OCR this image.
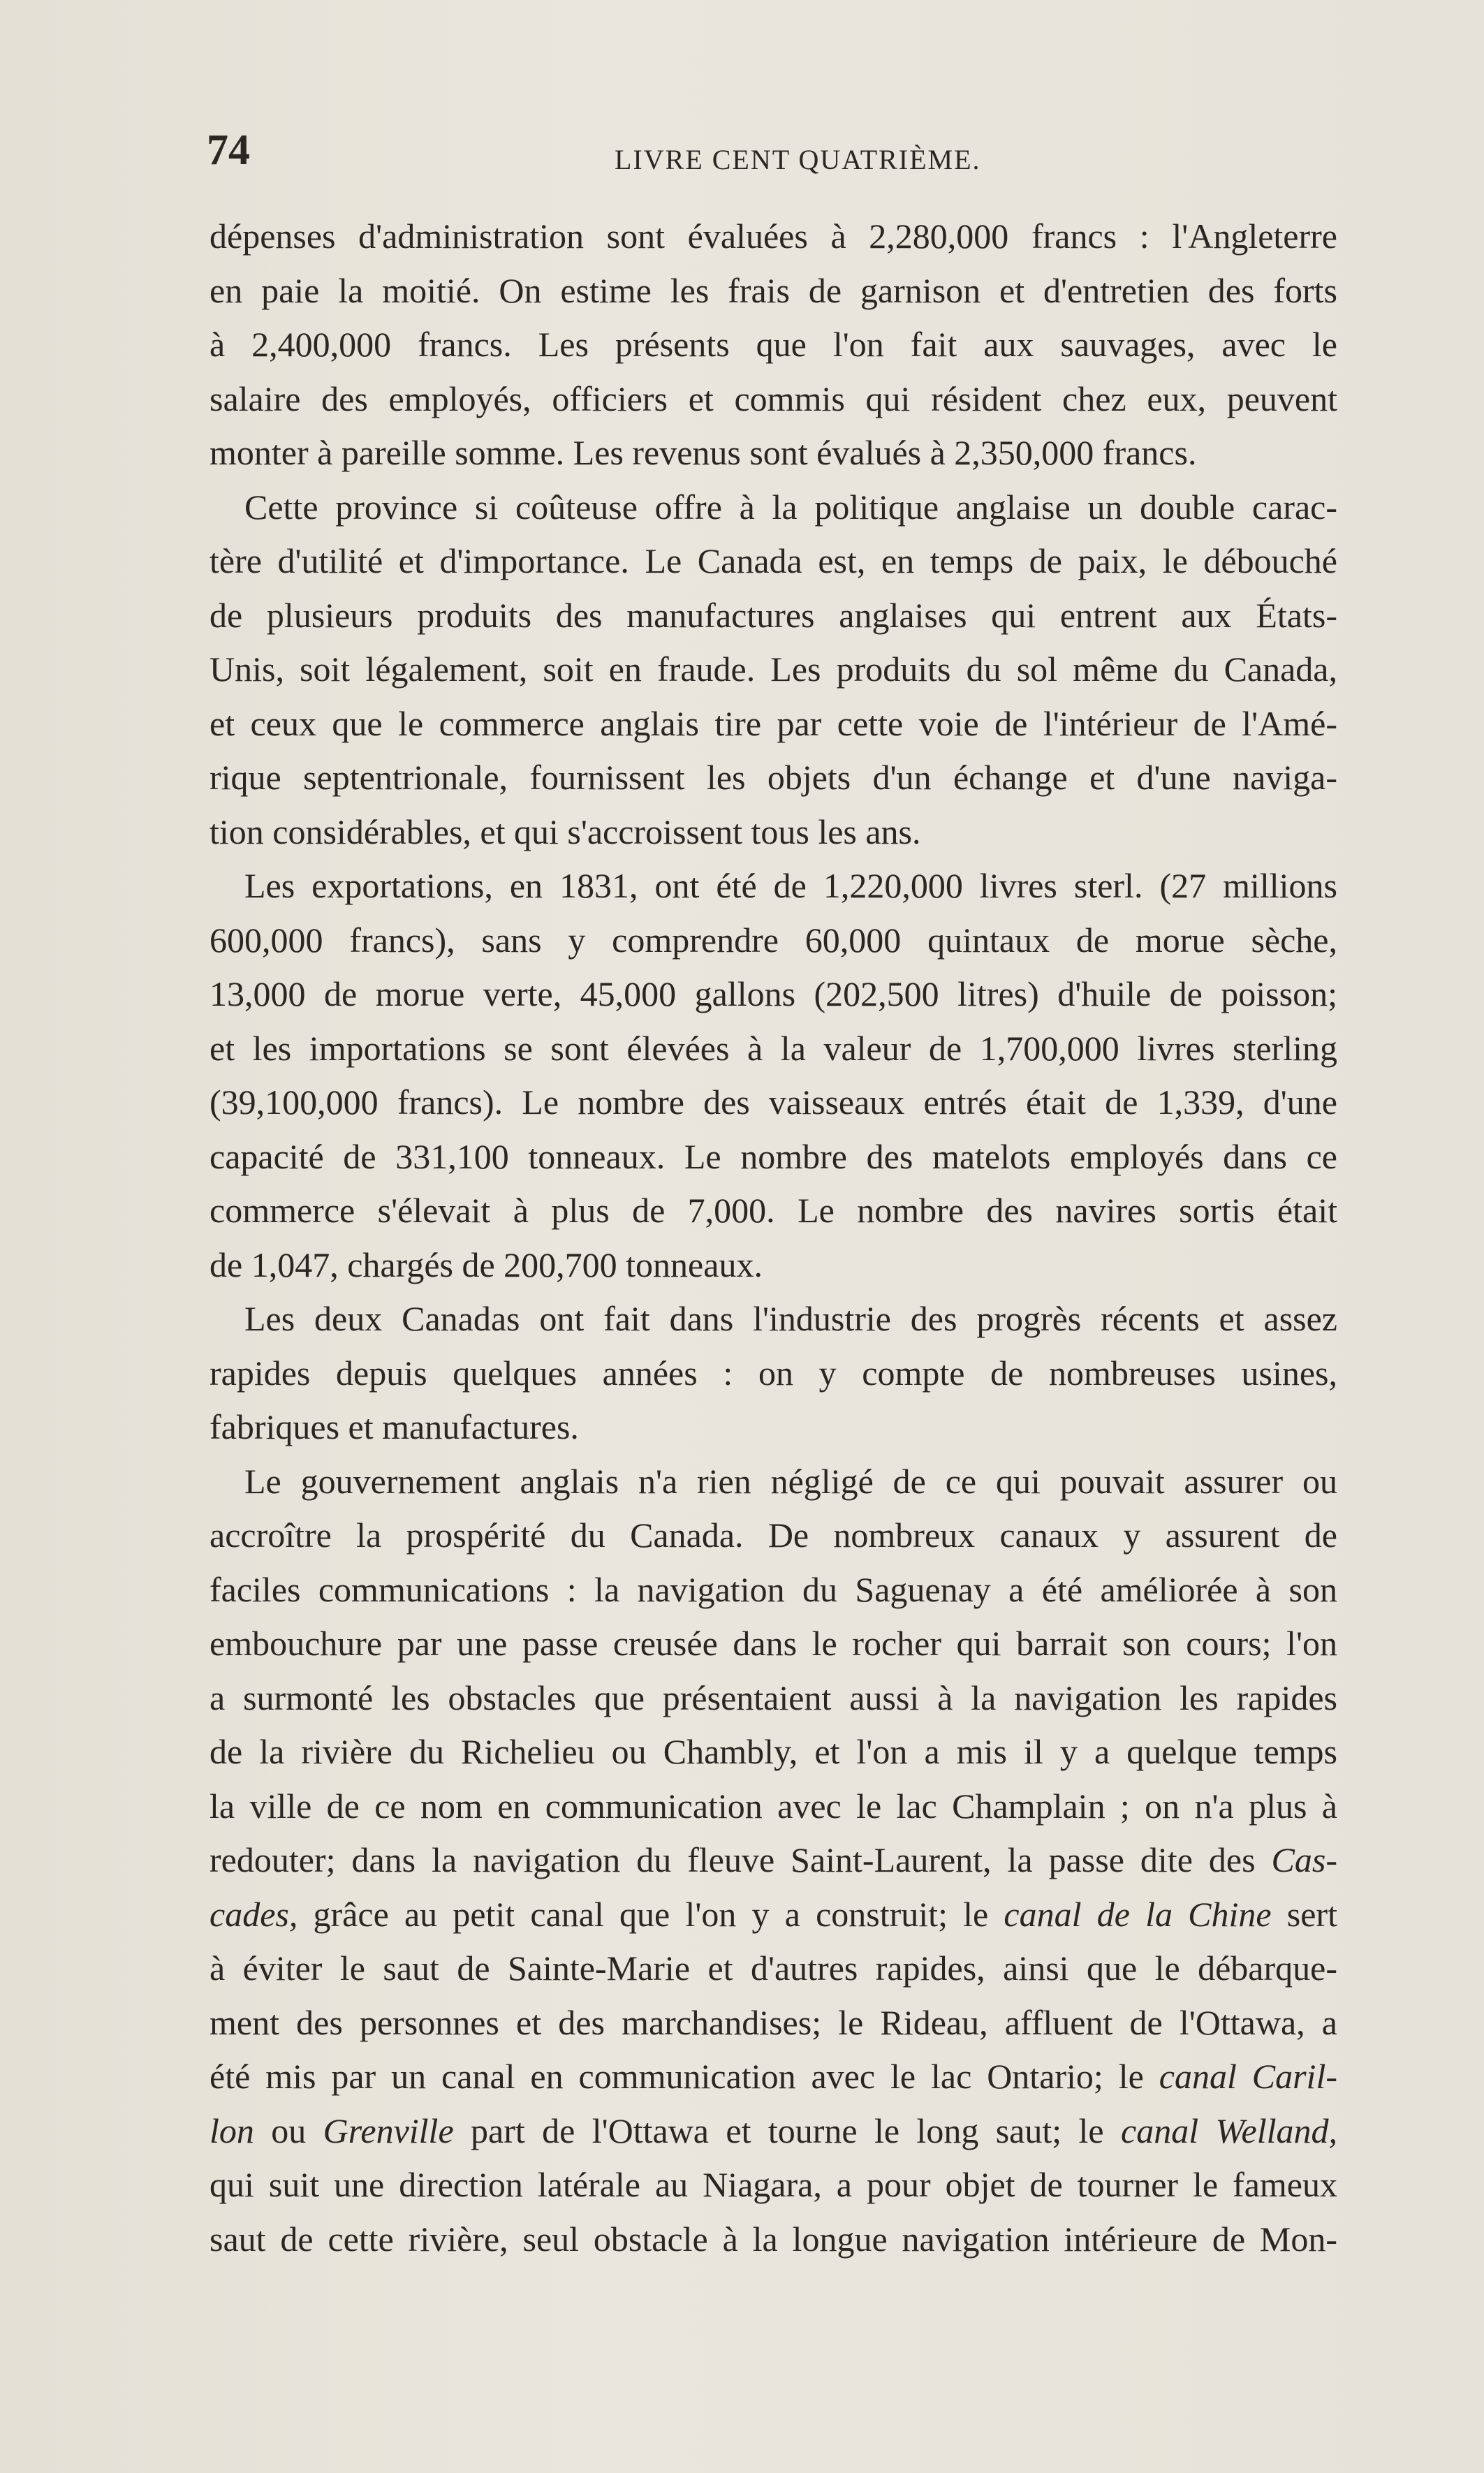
74	LIVRE CENT QUATRIÈME.
dépenses d'administration sont évaluées à 2,280,000 francs : l'Angleterre
en paie la moitié. On estime les frais de garnison et d'entretien des forts
à 2,400,000 francs. Les présents que l'on fait aux sauvages, avec le
salaire des employés, officiers et commis qui résident chez eux, peuvent
monter à pareille somme. Les revenus sont évalués à 2,350,000 francs.
Cette province si coûteuse offre à la politique anglaise un double carac-
tère d'utilité et d'importance. Le Canada est, en temps de paix, le débouché
de plusieurs produits des manufactures anglaises qui entrent aux États-
Unis, soit légalement, soit en fraude. Les produits du sol même du Canada,
et ceux que le commerce anglais tire par cette voie de l'intérieur de l'Amé-
rique septentrionale, fournissent les objets d'un échange et d'une naviga-
tion considérables, et qui s'accroissent tous les ans.
Les exportations, en 1831, ont été de 1,220,000 livres sterl. (27 millions
600,000 francs), sans y comprendre 60,000 quintaux de morue sèche,
13,000 de morue verte, 45,000 gallons (202,500 litres) d'huile de poisson;
et les importations se sont élevées à la valeur de 1,700,000 livres sterling
(39,100,000 francs). Le nombre des vaisseaux entrés était de 1,339, d'une
capacité de 331,100 tonneaux. Le nombre des matelots employés dans ce
commerce s'élevait à plus de 7,000. Le nombre des navires sortis était
de 1,047, chargés de 200,700 tonneaux.
Les deux Canadas ont fait dans l'industrie des progrès récents et assez
rapides depuis quelques années : on y compte de nombreuses usines,
fabriques et manufactures.
Le gouvernement anglais n'a rien négligé de ce qui pouvait assurer ou
accroître la prospérité du Canada. De nombreux canaux y assurent de
faciles communications : la navigation du Saguenay a été améliorée à son
embouchure par une passe creusée dans le rocher qui barrait son cours; l'on
a surmonté les obstacles que présentaient aussi à la navigation les rapides
de la rivière du Richelieu ou Chambly, et l'on a mis il y a quelque temps
la ville de ce nom en communication avec le lac Champlain ; on n'a plus à
redouter; dans la navigation du fleuve Saint-Laurent, la passe dite des Cas-
cades, grâce au petit canal que l'on y a construit; le canal de la Chine sert
à éviter le saut de Sainte-Marie et d'autres rapides, ainsi que le débarque-
ment des personnes et des marchandises; le Rideau, affluent de l'Ottawa, a
été mis par un canal en communication avec le lac Ontario; le canal Caril-
lon ou Grenville part de l'Ottawa et tourne le long saut; le canal Welland,
qui suit une direction latérale au Niagara, a pour objet de tourner le fameux
saut de cette rivière, seul obstacle à la longue navigation intérieure de Mon-
